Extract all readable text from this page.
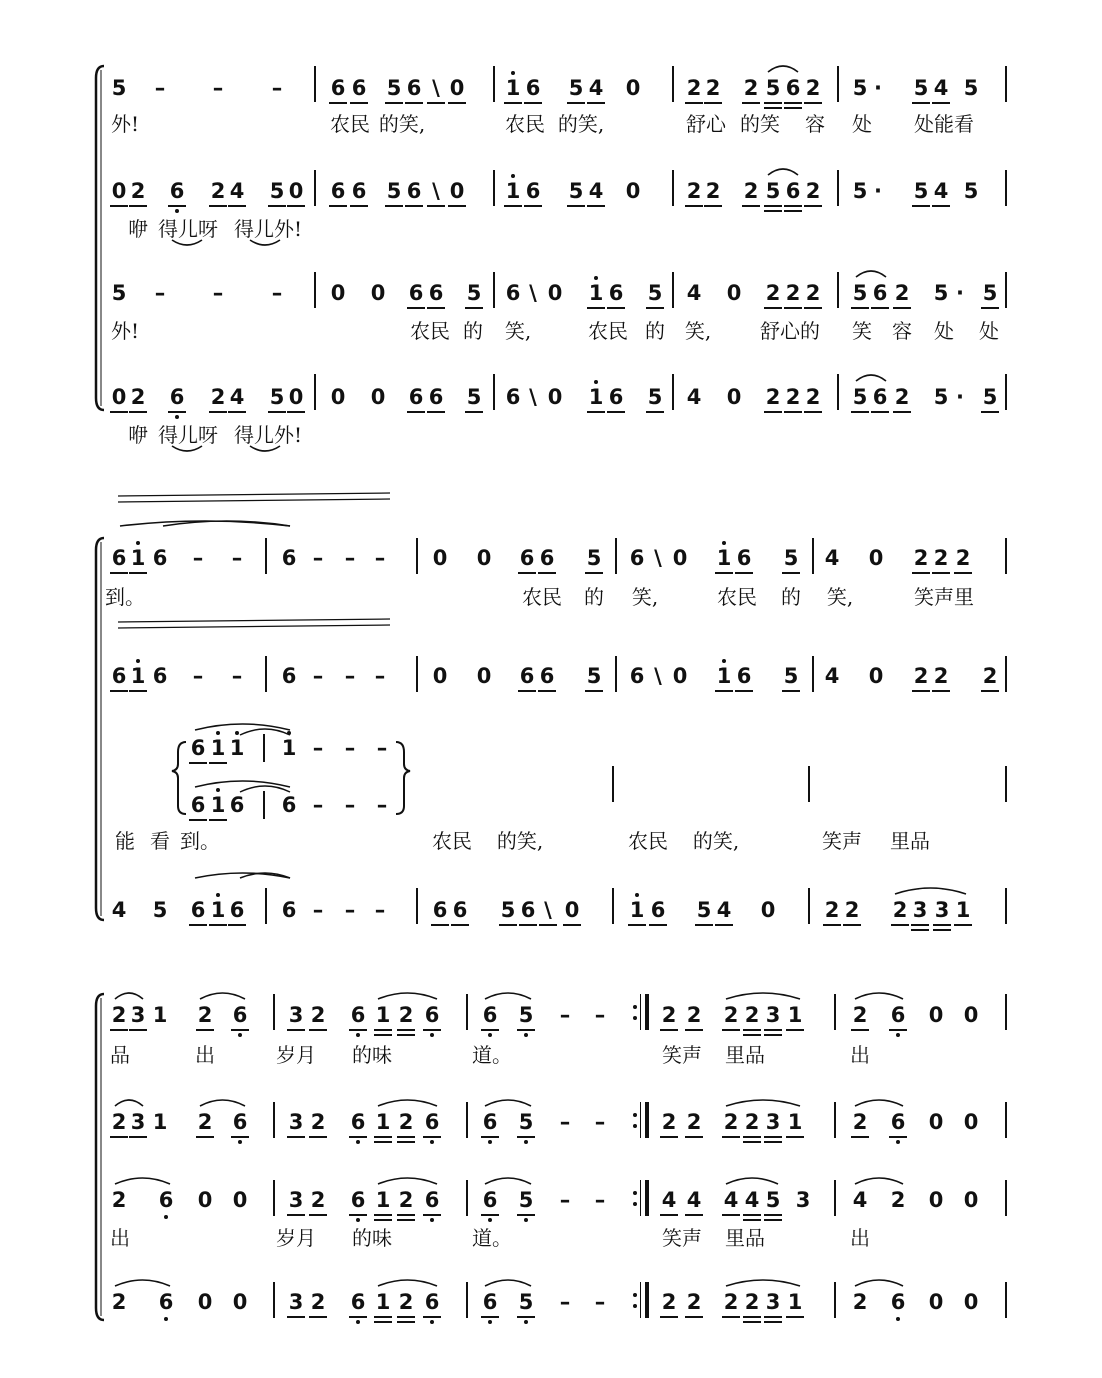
5 – – – 6 6 5 6 \ 0 1 6 5 4 0 2 2 2 5 6 2 5 · 5 4 5
外!	农民 的笑,	农民 的笑,	舒心 的笑 容 处 处能看
0 2 6 2 4 5 0 6 6 5 6 \ 0 1 6 5 4 0 2 2 2 5 6 2 5 · 5 4 5
咿 得儿呀 得儿外!
5 – – – 0 0 6 6 5 6 \ 0 1 6 5 4 0 2 2 2 5 6 2 5 · 5
外!	农民 的 笑,	农民 的 笑, 舒心的 笑 容 处 处
0 2 6 2 4 5 0 0 0 6 6 5 6 \ 0 1 6 5 4 0 2 2 2 5 6 2 5 · 5
咿 得儿呀 得儿外!
6 1 6 – – 6 – – – 0 0 6 6 5 6 \ 0 1 6 5 4 0 2 2 2
到。	农民 的 笑,	农民 的 笑,	笑声里
6 1 6 – – 6 – – – 0 0 6 6 5 6 \ 0 1 6 5 4 0 2 2 2
能 看 到。	农民 的笑,	农民 的笑,	笑声 里品
4 5 6 1 6 6 – – – 6 6 5 6 \ 0 1 6 5 4 0 2 2 2 3 3 1
6 1 1 1 – – –
6 1 6 6 – – –
2 3 1 2 6 3 2 6 1 2 6 6 5 – –	2 2 2 2 3 1 2 6 0 0
品	出	岁月 的味	道。	笑声 里品	出
2 3 1 2 6 3 2 6 1 2 6 6 5 – –	2 2 2 2 3 1 2 6 0 0
2 6 0 0 3 2 6 1 2 6 6 5 – –	4 4 4 4 5 3 4 2 0 0
出	岁月 的味	道。	笑声 里品	出
2 6 0 0 3 2 6 1 2 6 6 5 – –	2 2 2 2 3 1 2 6 0 0
